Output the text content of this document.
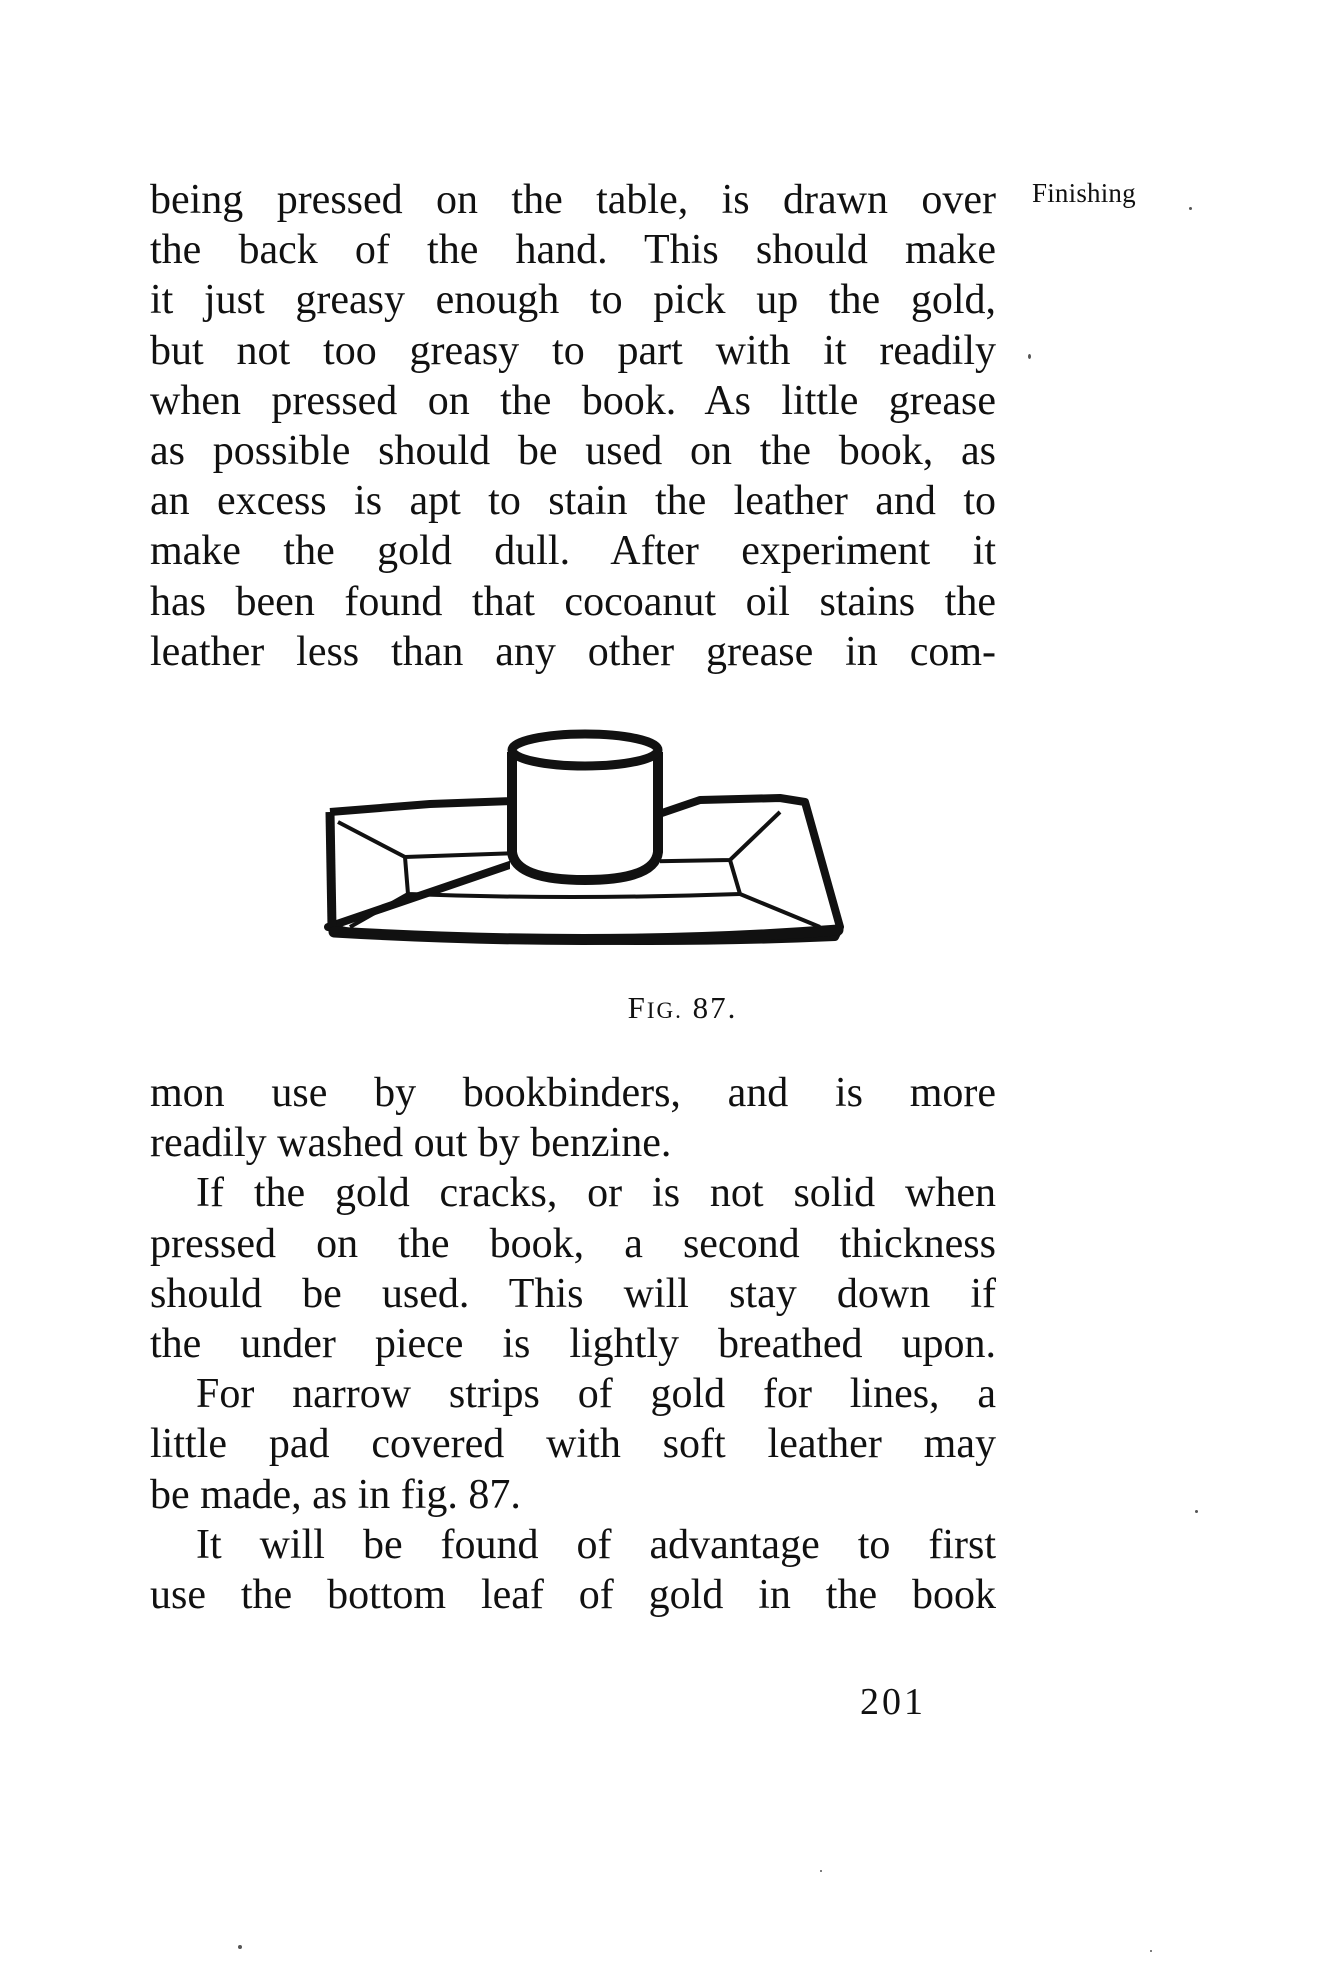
Finishing
being pressed on the table, is drawn over
the back of the hand. This should make
it just greasy enough to pick up the gold,
but not too greasy to part with it readily
when pressed on the book. As little grease
as possible should be used on the book, as
an excess is apt to stain the leather and to
make the gold dull. After experiment it
has been found that cocoanut oil stains the
leather less than any other grease in com-
FIG. 87.
mon use by bookbinders, and is more
readily washed out by benzine.
If the gold cracks, or is not solid when
pressed on the book, a second thickness
should be used. This will stay down if
the under piece is lightly breathed upon.
For narrow strips of gold for lines, a
little pad covered with soft leather may
be made, as in fig. 87.
It will be found of advantage to first
use the bottom leaf of gold in the book
201
